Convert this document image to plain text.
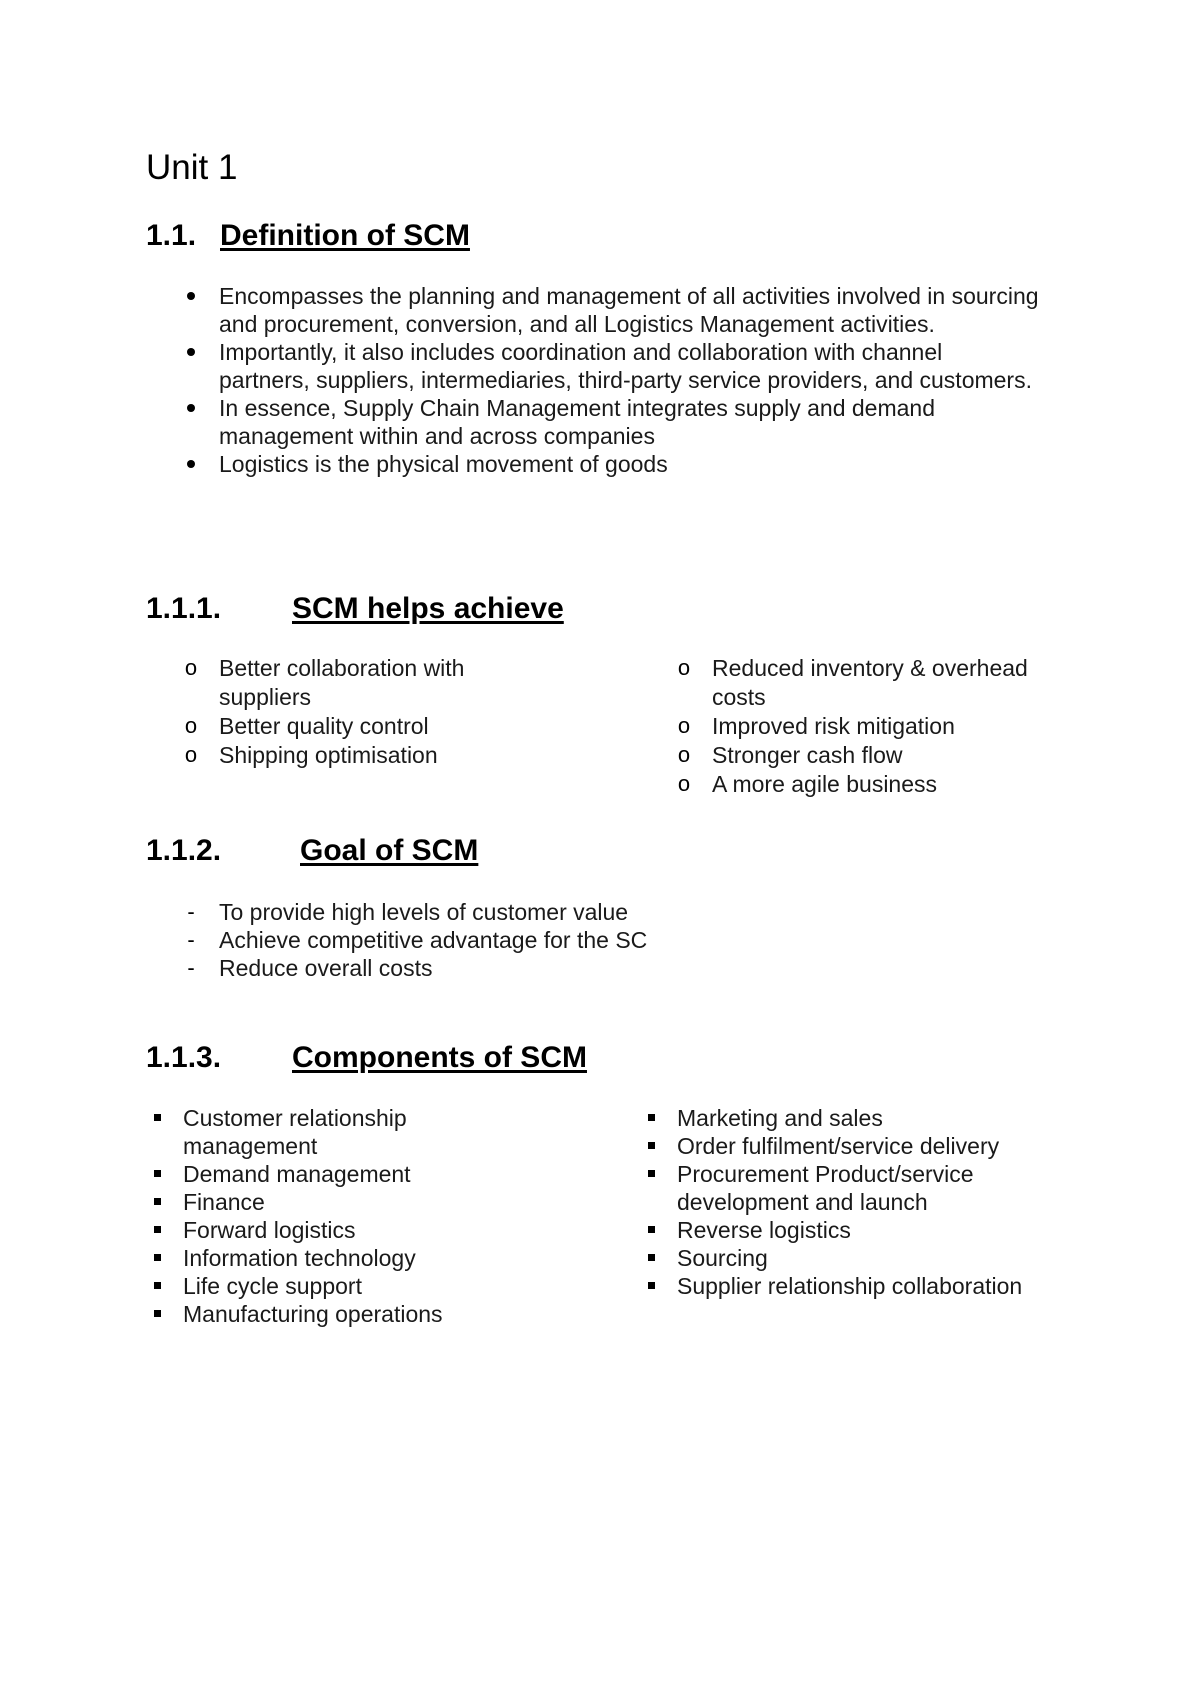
Unit 1
1.1. Definition of SCM
Encompasses the planning and management of all activities involved in sourcing and procurement, conversion, and all Logistics Management activities.
Importantly, it also includes coordination and collaboration with channel partners, suppliers, intermediaries, third-party service providers, and customers.
In essence, Supply Chain Management integrates supply and demand management within and across companies
Logistics is the physical movement of goods
1.1.1. SCM helps achieve
o Better collaboration with suppliers
o Better quality control
o Shipping optimisation
o Reduced inventory & overhead costs
o Improved risk mitigation
o Stronger cash flow
o A more agile business
1.1.2.	Goal of SCM
- To provide high levels of customer value
- Achieve competitive advantage for the SC
- Reduce overall costs
1.1.3. Components of SCM
Customer relationship management
Demand management
Finance
Forward logistics
Information technology
Life cycle support
Manufacturing operations
Marketing and sales
Order fulfilment/service delivery
Procurement Product/service development and launch
Reverse logistics
Sourcing
Supplier relationship collaboration
